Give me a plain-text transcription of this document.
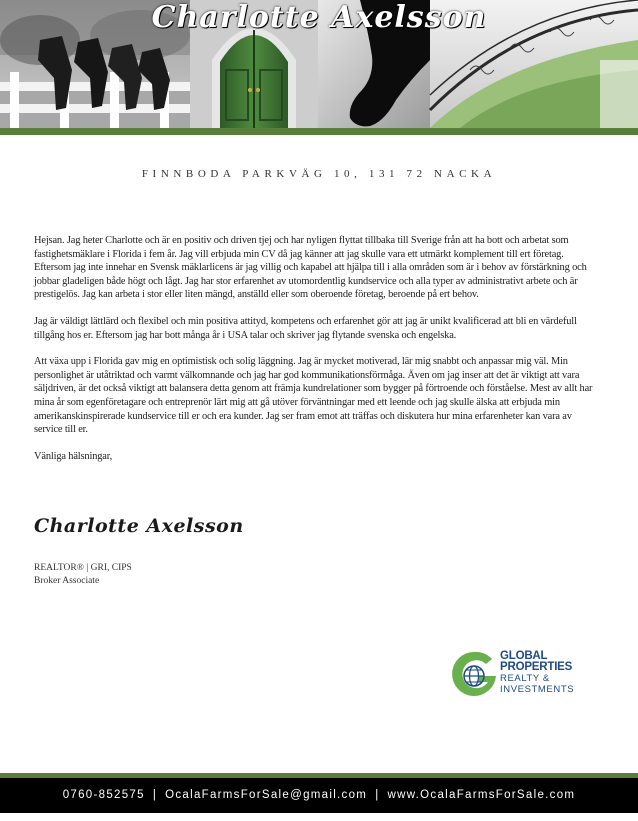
Charlotte Axelsson
FINNBODA PARKVÄG 10, 131 72 NACKA

Hejsan. Jag heter Charlotte och är en positiv och driven tjej och har nyligen flyttat tillbaka till Sverige från att ha bott och arbetat som fastighetsmäklare i Florida i fem år. Jag vill erbjuda min CV då jag känner att jag skulle vara ett utmärkt komplement till ert företag. Eftersom jag inte innehar en Svensk mäklarlicens är jag villig och kapabel att hjälpa till i alla områden som är i behov av förstärkning och jobbar gladeligen både högt och lågt. Jag har stor erfarenhet av utomordentlig kundservice och alla typer av administrativt arbete och är prestigelös. Jag kan arbeta i stor eller liten mängd, anställd eller som oberoende företag, beroende på ert behov.

Jag är väldigt lättlärd och flexibel och min positiva attityd, kompetens och erfarenhet gör att jag är unikt kvalificerad att bli en värdefull tillgång hos er. Eftersom jag har bott många år i USA talar och skriver jag flytande svenska och engelska.

Att växa upp i Florida gav mig en optimistisk och solig läggning. Jag är mycket motiverad, lär mig snabbt och anpassar mig väl. Min personlighet är utåtriktad och varmt välkomnande och jag har god kommunikationsförmåga. Även om jag inser att det är viktigt att vara säljdriven, är det också viktigt att balansera detta genom att främja kundrelationer som bygger på förtroende och förståelse. Mest av allt har mina år som egenföretagare och entreprenör lärt mig att gå utöver förväntningar med ett leende och jag skulle älska att erbjuda min amerikanskinspirerade kundservice till er och era kunder. Jag ser fram emot att träffas och diskutera hur mina erfarenheter kan vara av service till er.

Vänliga hälsningar,

Charlotte Axelsson
REALTOR® | GRI, CIPS
Broker Associate
GLOBAL
PROPERTIES
REALTY &
INVESTMENTS
0760-852575 | OcalaFarmsForSale@gmail.com | www.OcalaFarmsForSale.com
